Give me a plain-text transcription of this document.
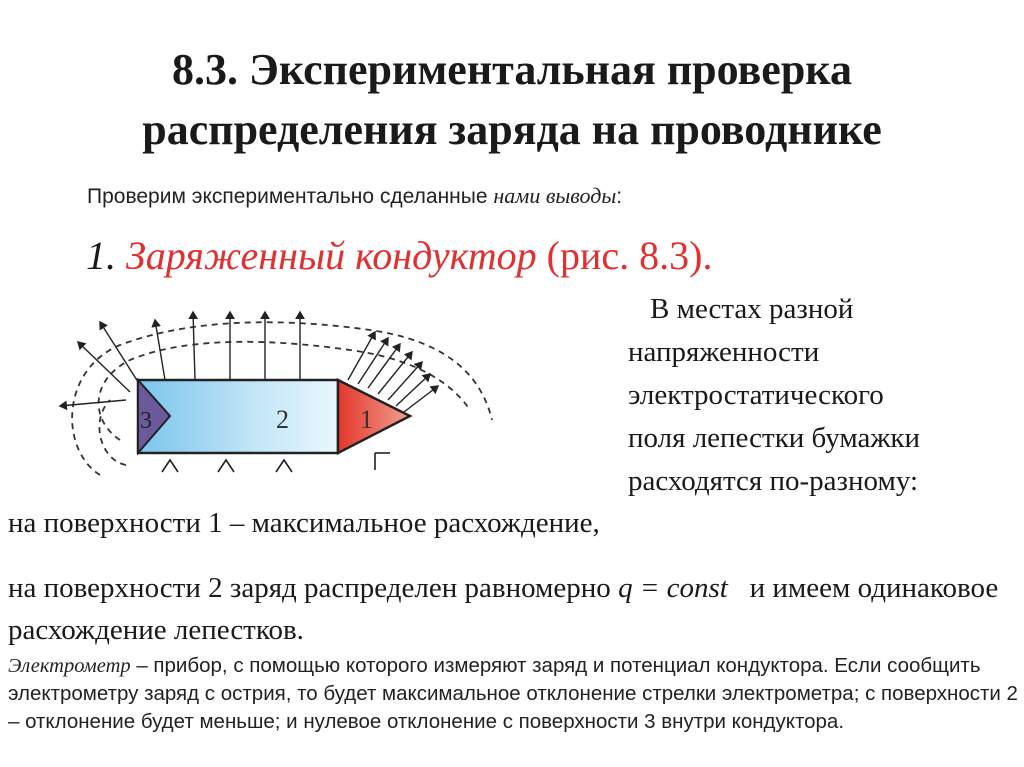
8.3. Экспериментальная проверка
распределения заряда на проводнике
Проверим экспериментально сделанные нами выводы:
1. Заряженный кондуктор (рис. 8.3).
1
2
3
В местах разной
напряженности
электростатического
поля лепестки бумажки
расходятся по-разному:
на поверхности 1 – максимальное расхождение,
на поверхности 2 заряд распределен равномерно q = const и имеем одинаковое расхождение лепестков.
Электрометр – прибор, с помощью которого измеряют заряд и потенциал кондуктора. Если сообщить электрометру заряд с острия, то будет максимальное отклонение стрелки электрометра; с поверхности 2 – отклонение будет меньше; и нулевое отклонение с поверхности 3 внутри кондуктора.
